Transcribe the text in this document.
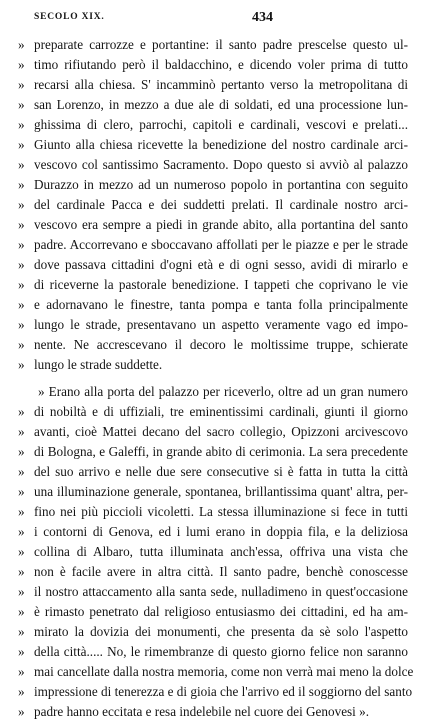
SECOLO XIX.	434
» preparate carrozze e portantine: il santo padre prescelse questo ul-
» timo rifiutando però il baldacchino, e dicendo voler prima di tutto
» recarsi alla chiesa. S' incamminò pertanto verso la metropolitana di
» san Lorenzo, in mezzo a due ale di soldati, ed una processione lun-
» ghissima di clero, parrochi, capitoli e cardinali, vescovi e prelati...
» Giunto alla chiesa ricevette la benedizione del nostro cardinale arci-
» vescovo col santissimo Sacramento. Dopo questo si avviò al palazzo
» Durazzo in mezzo ad un numeroso popolo in portantina con seguito
» del cardinale Pacca e dei suddetti prelati. Il cardinale nostro arci-
» vescovo era sempre a piedi in grande abito, alla portantina del santo
» padre. Accorrevano e sboccavano affollati per le piazze e per le strade
» dove passava cittadini d'ogni età e di ogni sesso, avidi di mirarlo e
» di riceverne la pastorale benedizione. I tappeti che coprivano le vie
» e adornavano le finestre, tanta pompa e tanta folla principalmente
» lungo le strade, presentavano un aspetto veramente vago ed impo-
» nente. Ne accrescevano il decoro le moltissime truppe, schierate
» lungo le strade suddette.
» Erano alla porta del palazzo per riceverlo, oltre ad un gran numero
» di nobiltà e di uffiziali, tre eminentissimi cardinali, giunti il giorno
» avanti, cioè Mattei decano del sacro collegio, Opizzoni arcivescovo
» di Bologna, e Galeffi, in grande abito di cerimonia. La sera precedente
» del suo arrivo e nelle due sere consecutive si è fatta in tutta la città
» una illuminazione generale, spontanea, brillantissima quant' altra, per-
» fino nei più piccioli vicoletti. La stessa illuminazione si fece in tutti
» i contorni di Genova, ed i lumi erano in doppia fila, e la deliziosa
» collina di Albaro, tutta illuminata anch'essa, offriva una vista che
» non è facile avere in altra città. Il santo padre, benchè conoscesse
» il nostro attaccamento alla santa sede, nulladimeno in quest'occasione
» è rimasto penetrato dal religioso entusiasmo dei cittadini, ed ha am-
» mirato la dovizia dei monumenti, che presenta da sè solo l'aspetto
» della città..... No, le rimembranze di questo giorno felice non saranno
» mai cancellate dalla nostra memoria, come non verrà mai meno la dolce
» impressione di tenerezza e di gioia che l'arrivo ed il soggiorno del santo
» padre hanno eccitata e resa indelebile nel cuore dei Genovesi ».
